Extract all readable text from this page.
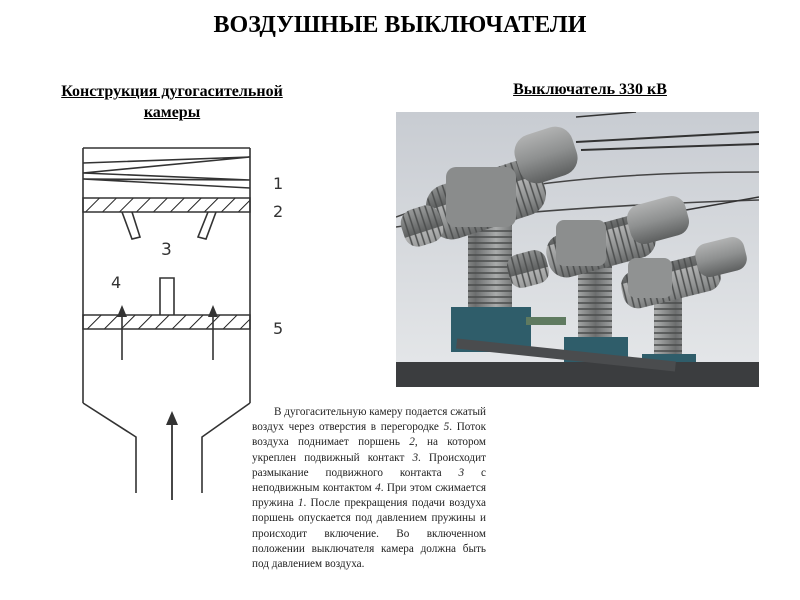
ВОЗДУШНЫЕ ВЫКЛЮЧАТЕЛИ
Конструкция дугогасительной
камеры
Выключатель 330 кВ
1
2
3
4
5
В дугогасительную камеру подается сжатый воздух через отверстия в перегородке 5. Поток воздуха поднимает поршень 2, на котором укреплен подвижный контакт 3. Происходит размыкание подвижного контакта 3 с неподвижным контактом 4. При этом сжимается пружина 1. После прекращения подачи воздуха поршень опускается под давлением пружины и происходит включение. Во включенном положении выключателя камера должна быть под давлением воздуха.
